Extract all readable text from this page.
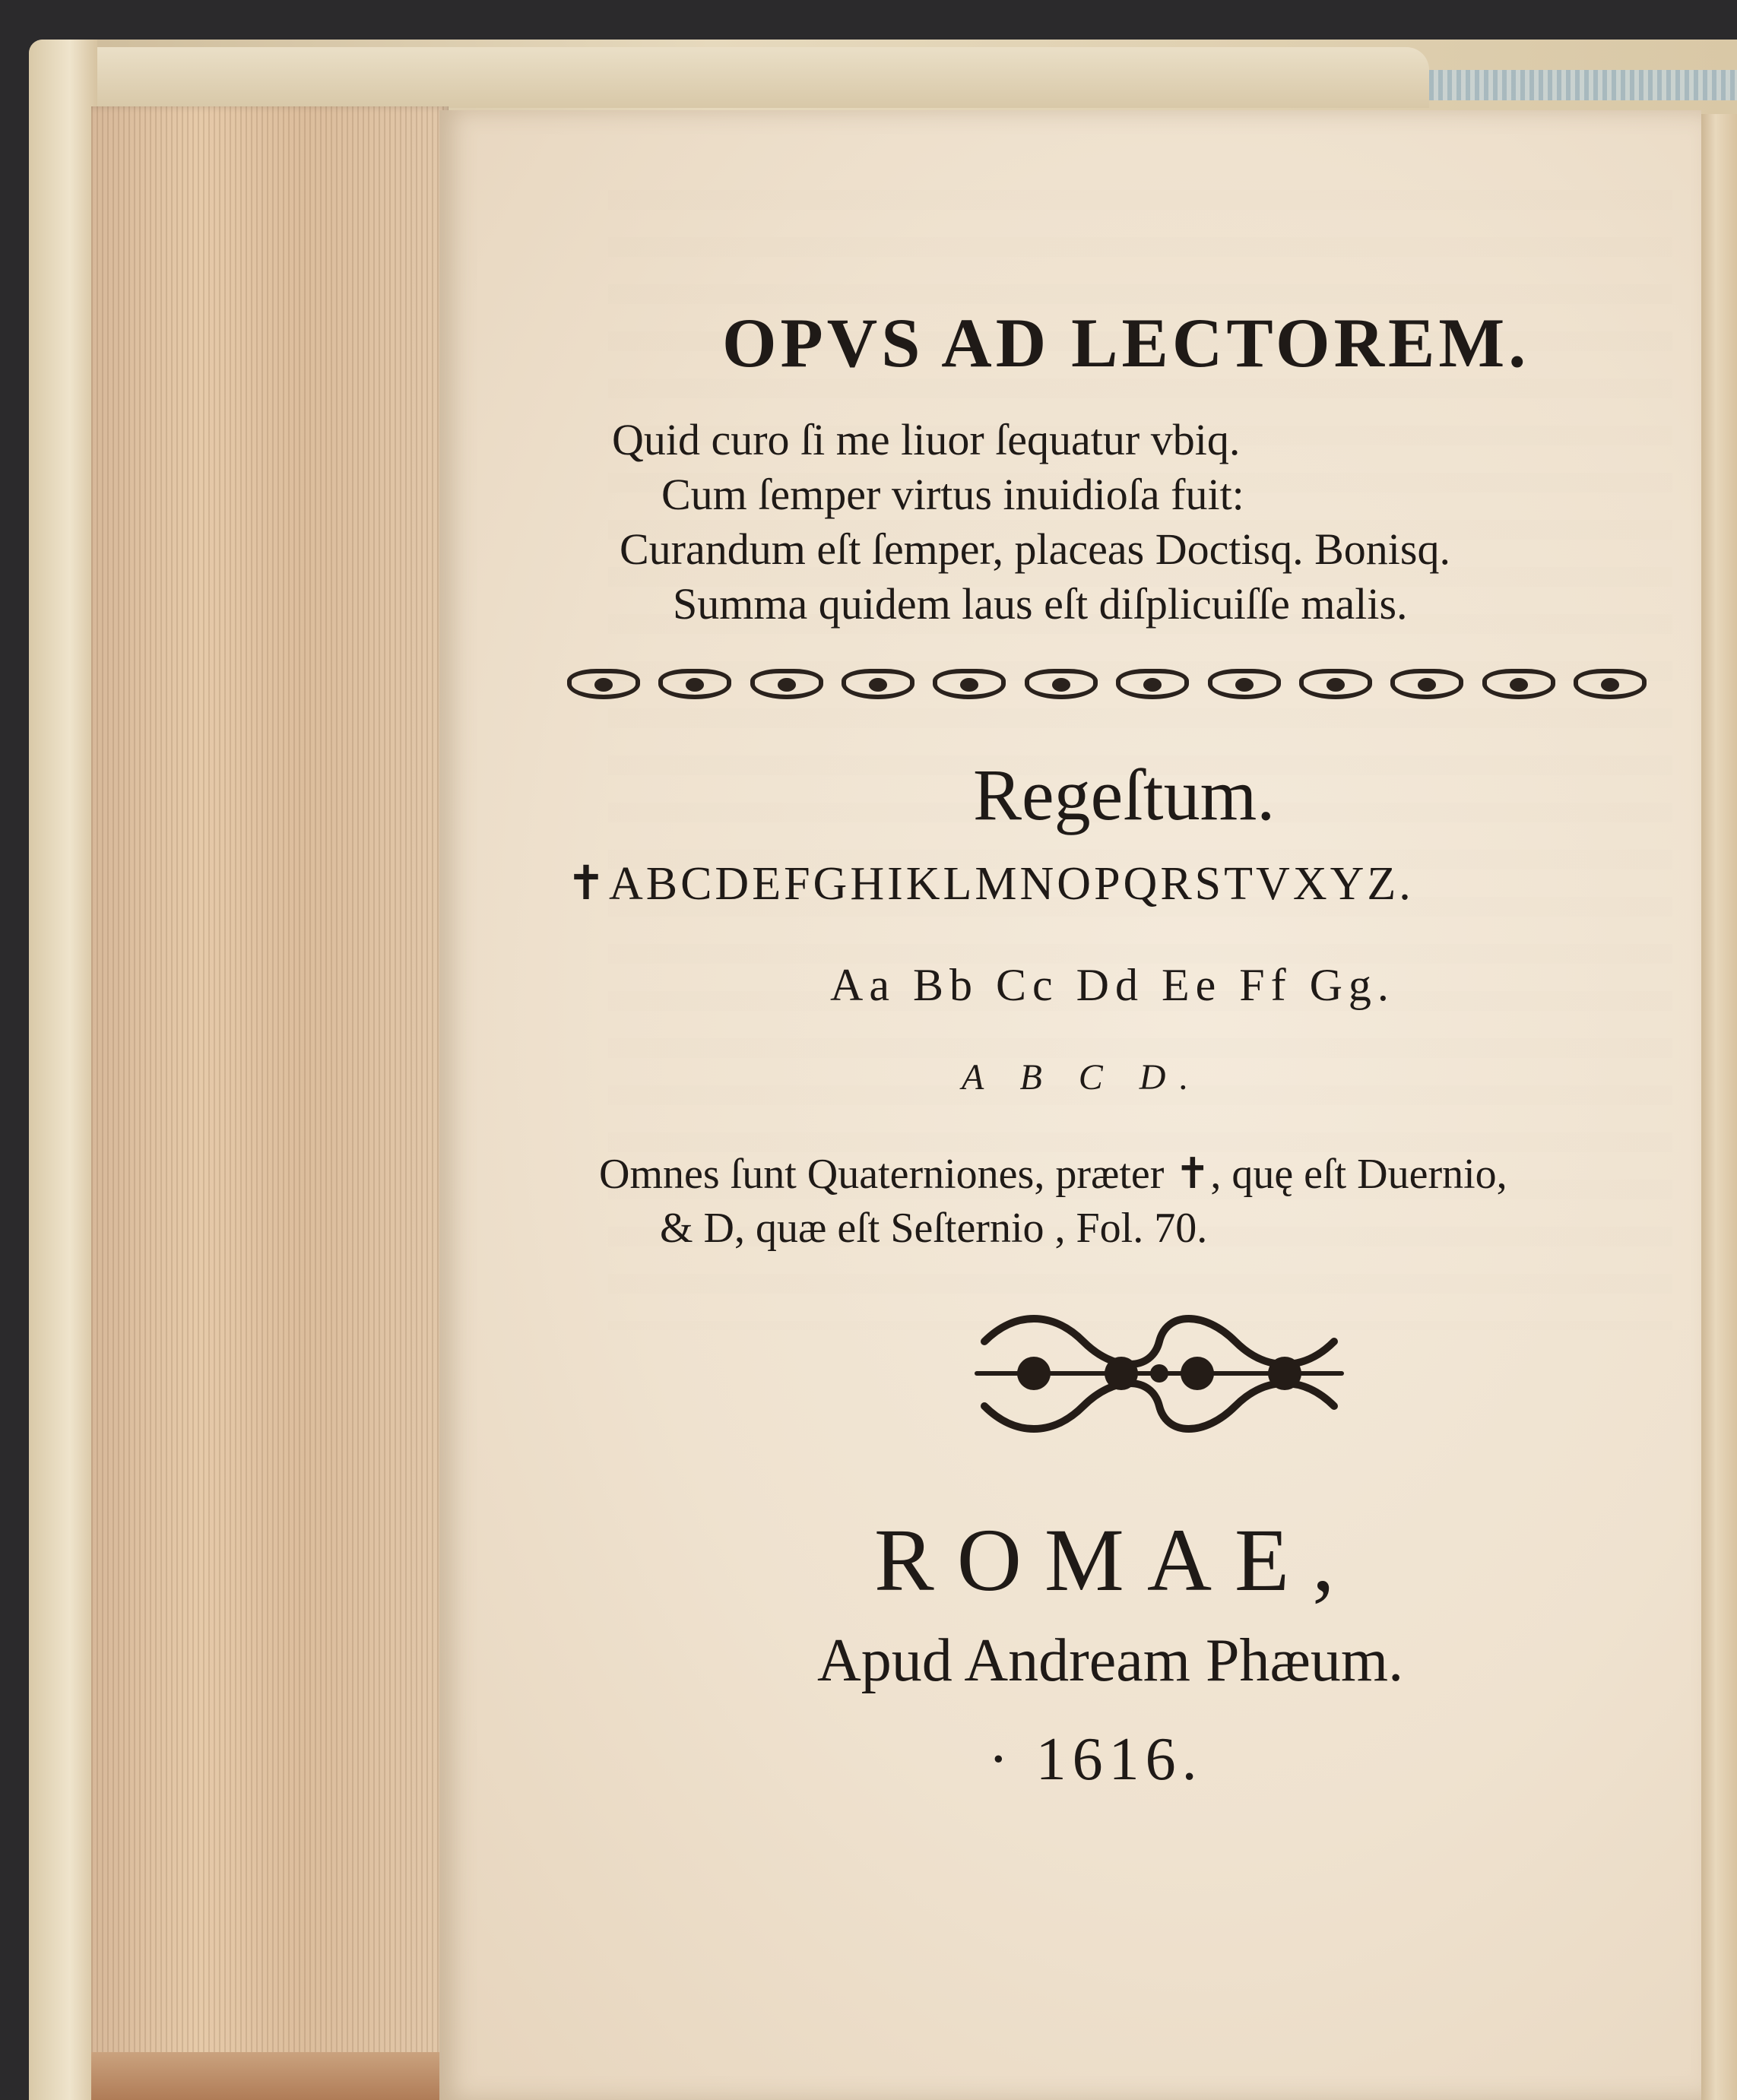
OPVS AD LECTOREM.
Quid curo ſi me liuor ſequatur vbiq.
Cum ſemper virtus inuidioſa fuit:
Curandum eſt ſemper, placeas Doctisq. Bonisq.
Summa quidem laus eſt diſplicuiſſe malis.
Regeſtum.
✝ABCDEFGHIKLMNOPQRSTVXYZ.
Aa Bb Cc Dd Ee Ff Gg.
A B C D.
Omnes ſunt Quaterniones, præter ✝, quę eſt Duernio,
& D, quæ eſt Seſternio , Fol. 70.
ROMAE,
Apud Andream Phæum.
· 1616.
